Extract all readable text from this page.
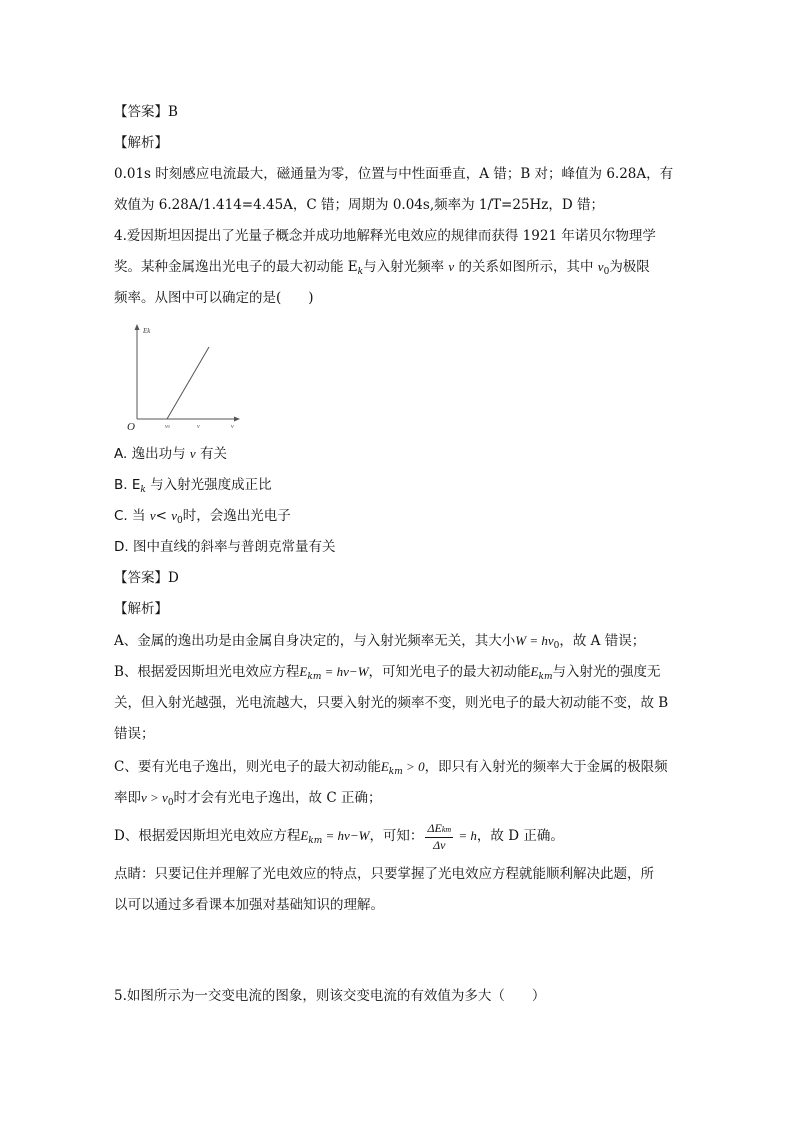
【答案】B
【解析】
0.01s 时刻感应电流最大，磁通量为零，位置与中性面垂直，A 错；B 对；峰值为 6.28A，有
效值为 6.28A/1.414=4.45A，C 错；周期为 0.04s,频率为 1/T=25Hz，D 错；
4.爱因斯坦因提出了光量子概念并成功地解释光电效应的规律而获得 1921 年诺贝尔物理学
奖。某种金属逸出光电子的最大初动能 $E_k$与入射光频率 ν 的关系如图所示，其中 $\nu_0$为极限
频率。从图中可以确定的是(　　)
Ek
O	ν0	ν	ν
A. 逸出功与 ν 有关
B. $E_k$ 与入射光强度成正比
C. 当 $\nu< \nu_0$时，会逸出光电子
D. 图中直线的斜率与普朗克常量有关
【答案】D
【解析】
A、金属的逸出功是由金属自身决定的，与入射光频率无关，其大小$W = h\nu_0$，故 A 错误；
B、根据爱因斯坦光电效应方程$E_{km} = h\nu-W$，可知光电子的最大初动能$E_{km}$与入射光的强度无
关，但入射光越强，光电流越大，只要入射光的频率不变，则光电子的最大初动能不变，故 B
错误；
C、要有光电子逸出，则光电子的最大初动能$E_{km} > 0$，即只有入射光的频率大于金属的极限频
率即$\nu > \nu_0$时才会有光电子逸出，故 C 正确；
D、根据爱因斯坦光电效应方程$E_{km} = h\nu-W$，可知： $\frac{\text{ΔEkm}}{\Delta\nu} = h$，故 D 正确。
点睛：只要记住并理解了光电效应的特点，只要掌握了光电效应方程就能顺利解决此题，所
以可以通过多看课本加强对基础知识的理解。
5.如图所示为一交变电流的图象，则该交变电流的有效值为多大（　　）
